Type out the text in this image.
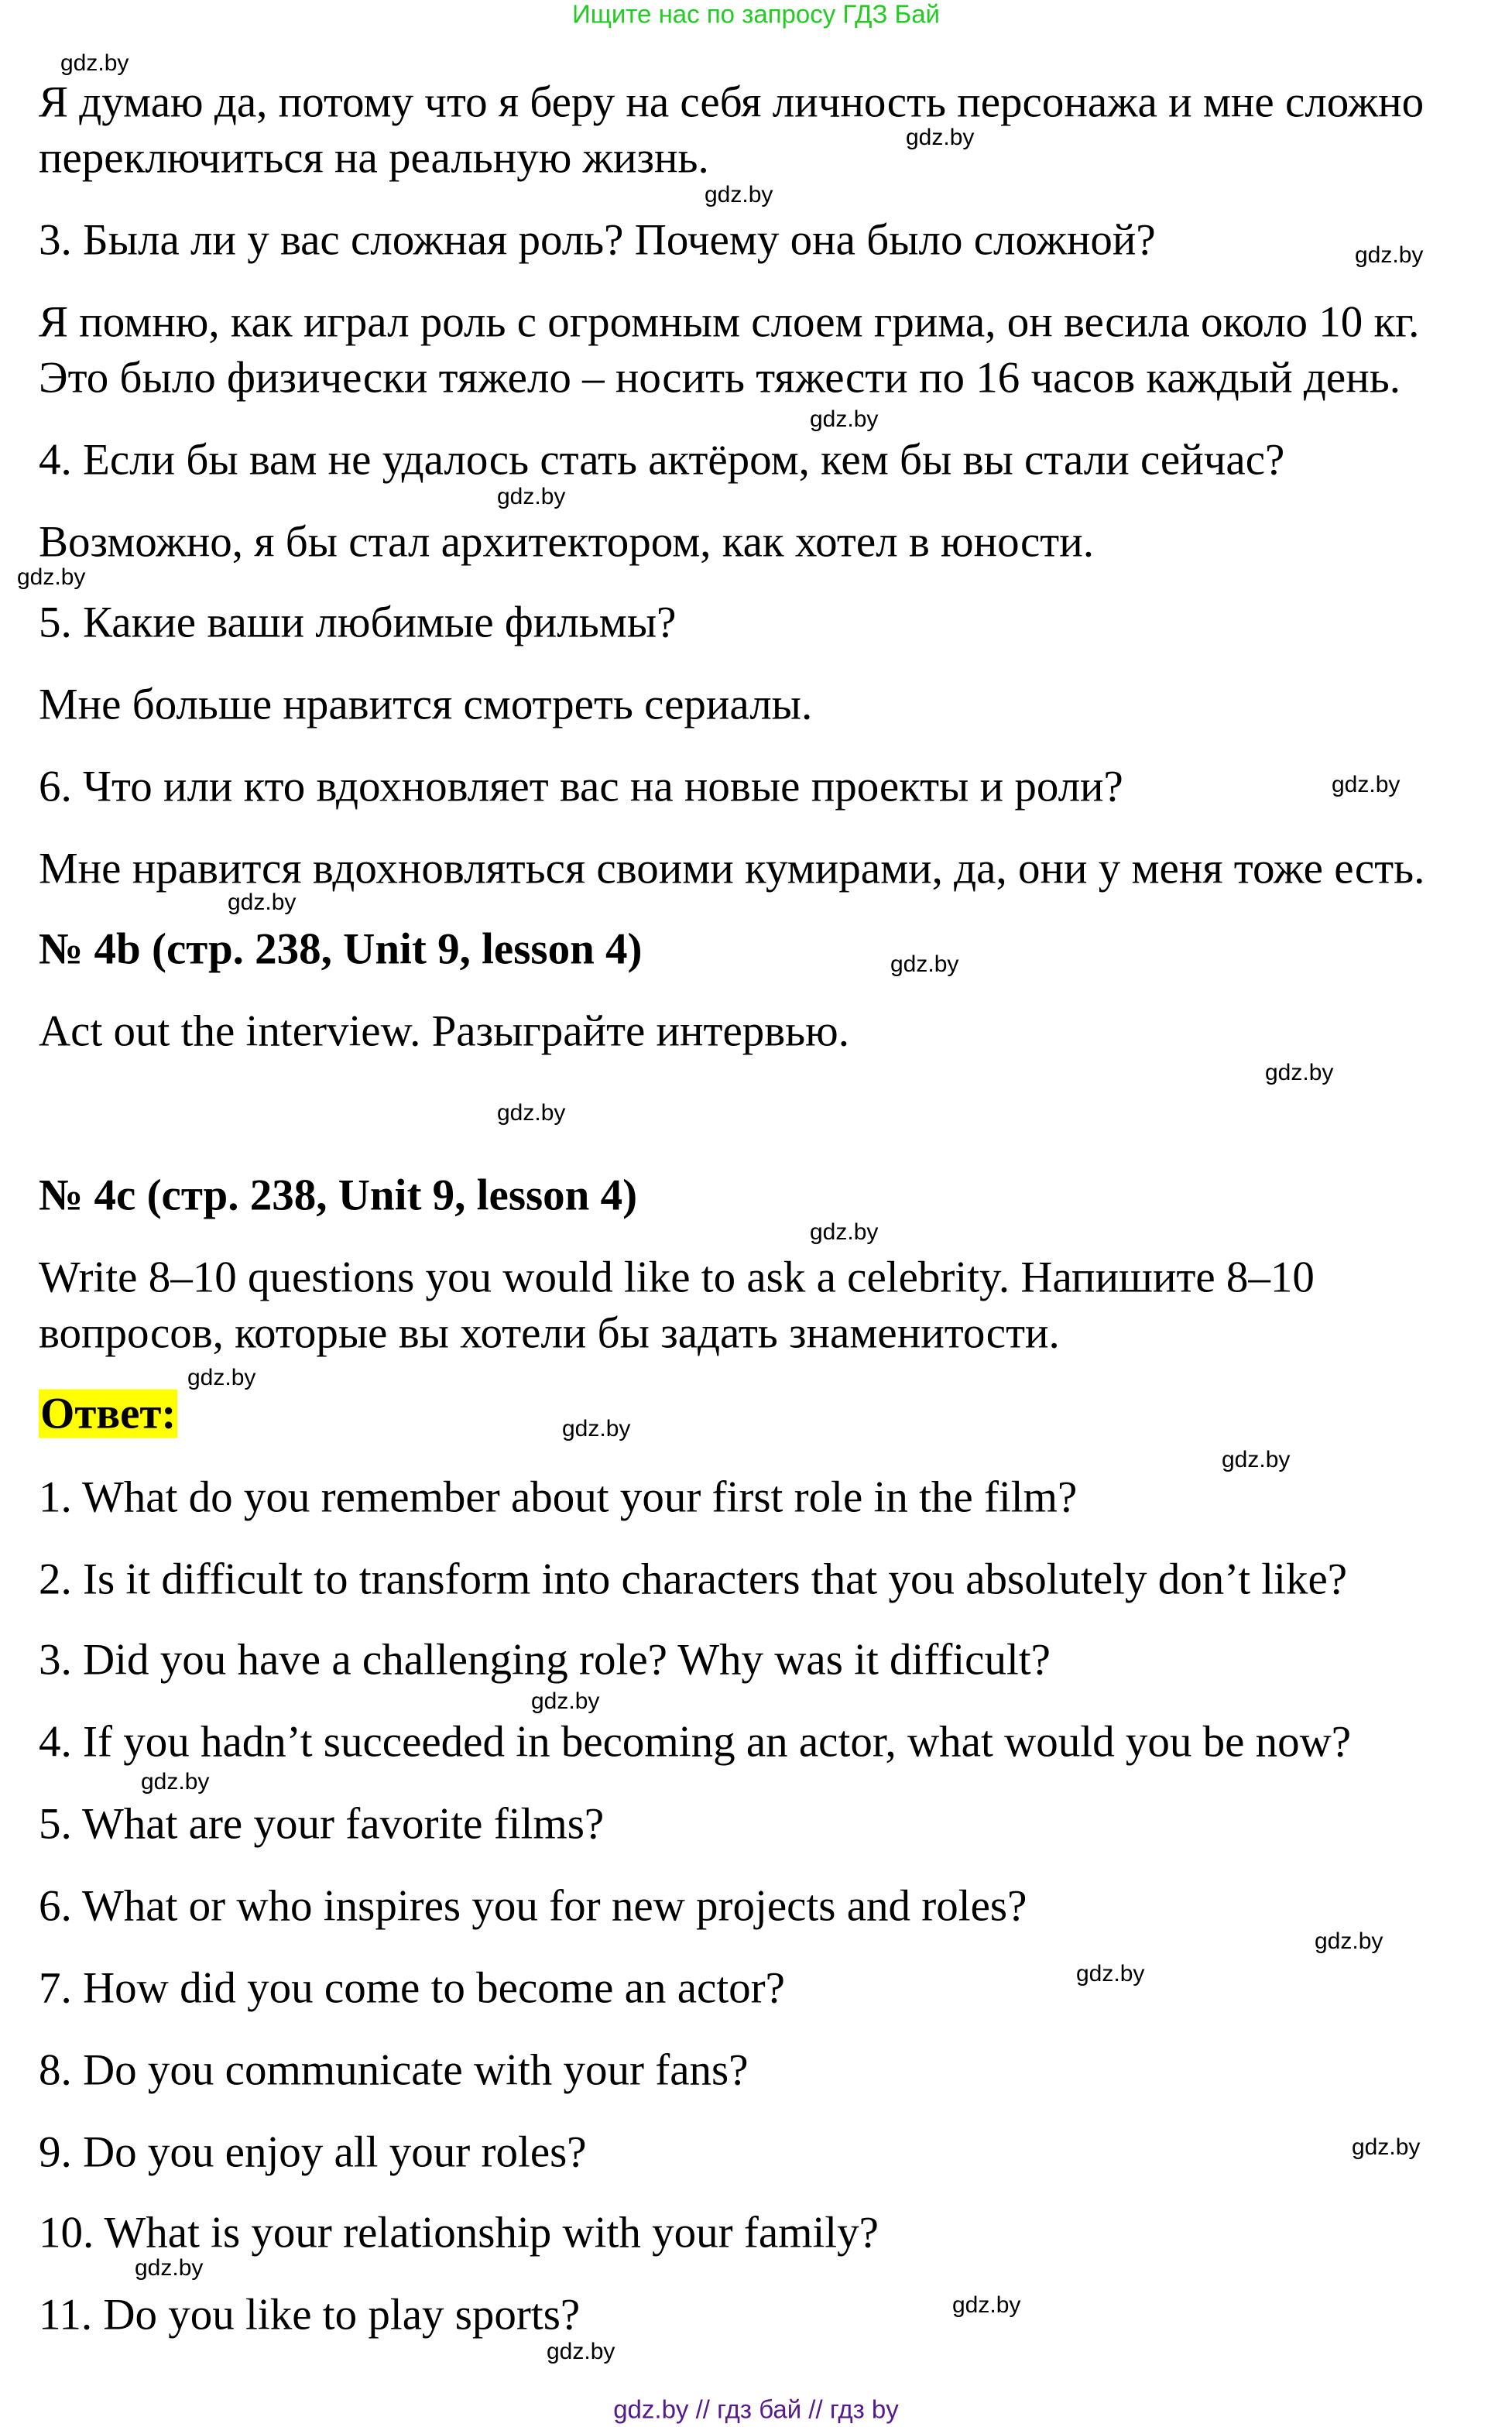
Ищите нас по запросу ГДЗ Бай
Я думаю да, потому что я беру на себя личность персонажа и мне сложно
переключиться на реальную жизнь.
3. Была ли у вас сложная роль? Почему она было сложной?
Я помню, как играл роль с огромным слоем грима, он весила около 10 кг.
Это было физически тяжело – носить тяжести по 16 часов каждый день.
4. Если бы вам не удалось стать актёром, кем бы вы стали сейчас?
Возможно, я бы стал архитектором, как хотел в юности.
5. Какие ваши любимые фильмы?
Мне больше нравится смотреть сериалы.
6. Что или кто вдохновляет вас на новые проекты и роли?
Мне нравится вдохновляться своими кумирами, да, они у меня тоже есть.
№ 4b (стр. 238, Unit 9, lesson 4)
Act out the interview. Разыграйте интервью.
№ 4c (стр. 238, Unit 9, lesson 4)
Write 8–10 questions you would like to ask a celebrity. Напишите 8–10
вопросов, которые вы хотели бы задать знаменитости.
Ответ:
1. What do you remember about your first role in the film?
2. Is it difficult to transform into characters that you absolutely don’t like?
3. Did you have a challenging role? Why was it difficult?
4. If you hadn’t succeeded in becoming an actor, what would you be now?
5. What are your favorite films?
6. What or who inspires you for new projects and roles?
7. How did you come to become an actor?
8. Do you communicate with your fans?
9. Do you enjoy all your roles?
10. What is your relationship with your family?
11. Do you like to play sports?
gdz.by
gdz.by
gdz.by
gdz.by
gdz.by
gdz.by
gdz.by
gdz.by
gdz.by
gdz.by
gdz.by
gdz.by
gdz.by
gdz.by
gdz.by
gdz.by
gdz.by
gdz.by
gdz.by
gdz.by
gdz.by
gdz.by
gdz.by
gdz.by
gdz.by // гдз бай // гдз by
